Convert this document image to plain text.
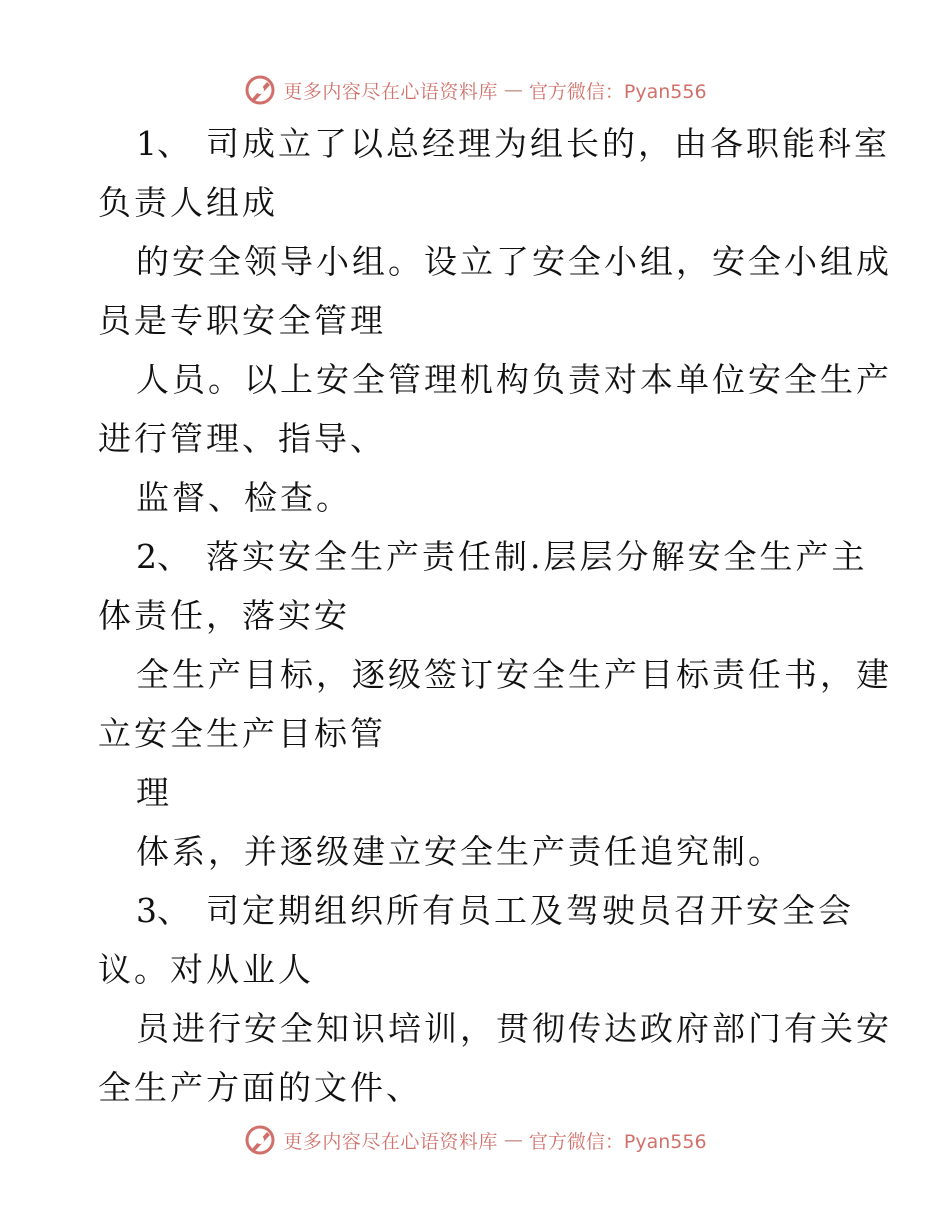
更多内容尽在心语资料库 — 官方微信：Pyan556
1、 司成立了以总经理为组长的，由各职能科室
负责人组成
的安全领导小组。设立了安全小组，安全小组成
员是专职安全管理
人员。以上安全管理机构负责对本单位安全生产
进行管理、指导、
监督、检查。
2、 落实安全生产责任制.层层分解安全生产主
体责任，落实安
全生产目标，逐级签订安全生产目标责任书，建
立安全生产目标管
理
体系，并逐级建立安全生产责任追究制。
3、 司定期组织所有员工及驾驶员召开安全会
议。对从业人
员进行安全知识培训，贯彻传达政府部门有关安
全生产方面的文件、
更多内容尽在心语资料库 — 官方微信：Pyan556
